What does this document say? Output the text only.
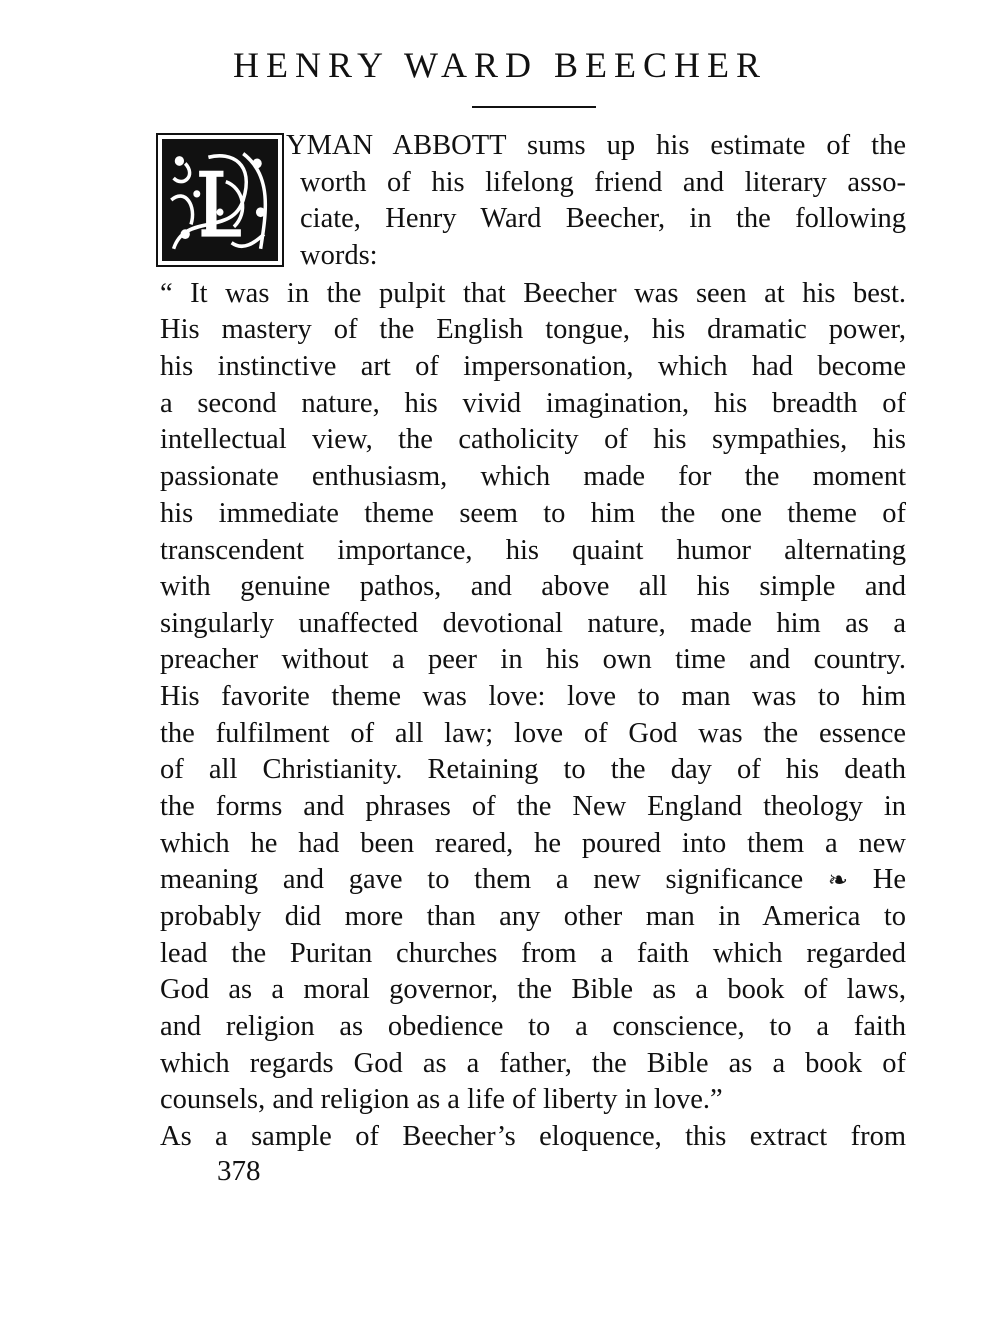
HENRY WARD BEECHER
YMAN ABBOTT sums up his estimate of the
worth of his lifelong friend and literary asso-
ciate, Henry Ward Beecher, in the following
words:
“ It was in the pulpit that Beecher was seen at his best.
His mastery of the English tongue, his dramatic power,
his instinctive art of impersonation, which had become
a second nature, his vivid imagination, his breadth of
intellectual view, the catholicity of his sympathies, his
passionate enthusiasm, which made for the moment
his immediate theme seem to him the one theme of
transcendent importance, his quaint humor alternating
with genuine pathos, and above all his simple and
singularly unaffected devotional nature, made him as a
preacher without a peer in his own time and country.
His favorite theme was love: love to man was to him
the fulfilment of all law; love of God was the essence
of all Christianity. Retaining to the day of his death
the forms and phrases of the New England theology in
which he had been reared, he poured into them a new
meaning and gave to them a new significance ❧ He
probably did more than any other man in America to
lead the Puritan churches from a faith which regarded
God as a moral governor, the Bible as a book of laws,
and religion as obedience to a conscience, to a faith
which regards God as a father, the Bible as a book of
counsels, and religion as a life of liberty in love.”
As a sample of Beecher’s eloquence, this extract from
378
